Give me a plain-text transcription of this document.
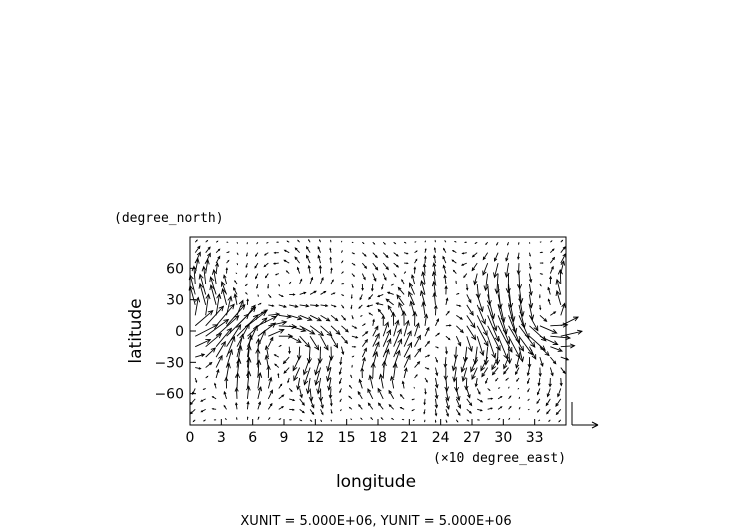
0 3 6 9 12 15 18 21 24 27 30 33
60
30
0
−30
−60
(degree_north)
(×10 degree_east)
longitude
latitude
XUNIT = 5.000E+06, YUNIT = 5.000E+06
